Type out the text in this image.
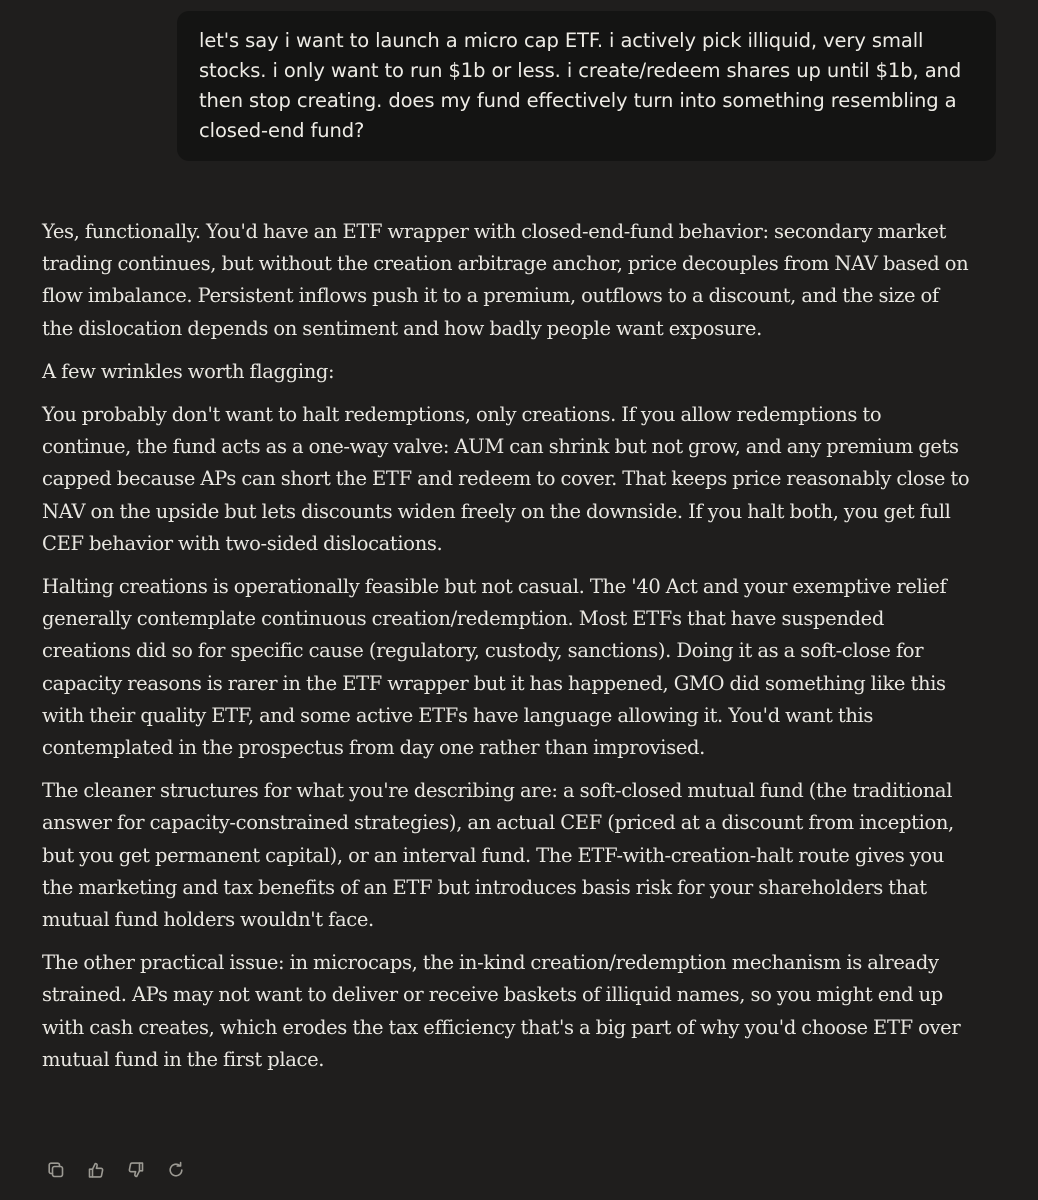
let's say i want to launch a micro cap ETF. i actively pick illiquid, very small stocks. i only want to run $1b or less. i create/redeem shares up until $1b, and then stop creating. does my fund effectively turn into something resembling a closed-end fund?

Yes, functionally. You'd have an ETF wrapper with closed-end-fund behavior: secondary market trading continues, but without the creation arbitrage anchor, price decouples from NAV based on flow imbalance. Persistent inflows push it to a premium, outflows to a discount, and the size of the dislocation depends on sentiment and how badly people want exposure.

A few wrinkles worth flagging:

You probably don't want to halt redemptions, only creations. If you allow redemptions to continue, the fund acts as a one-way valve: AUM can shrink but not grow, and any premium gets capped because APs can short the ETF and redeem to cover. That keeps price reasonably close to NAV on the upside but lets discounts widen freely on the downside. If you halt both, you get full CEF behavior with two-sided dislocations.

Halting creations is operationally feasible but not casual. The '40 Act and your exemptive relief generally contemplate continuous creation/redemption. Most ETFs that have suspended creations did so for specific cause (regulatory, custody, sanctions). Doing it as a soft-close for capacity reasons is rarer in the ETF wrapper but it has happened, GMO did something like this with their quality ETF, and some active ETFs have language allowing it. You'd want this contemplated in the prospectus from day one rather than improvised.

The cleaner structures for what you're describing are: a soft-closed mutual fund (the traditional answer for capacity-constrained strategies), an actual CEF (priced at a discount from inception, but you get permanent capital), or an interval fund. The ETF-with-creation-halt route gives you the marketing and tax benefits of an ETF but introduces basis risk for your shareholders that mutual fund holders wouldn't face.

The other practical issue: in microcaps, the in-kind creation/redemption mechanism is already strained. APs may not want to deliver or receive baskets of illiquid names, so you might end up with cash creates, which erodes the tax efficiency that's a big part of why you'd choose ETF over mutual fund in the first place.
